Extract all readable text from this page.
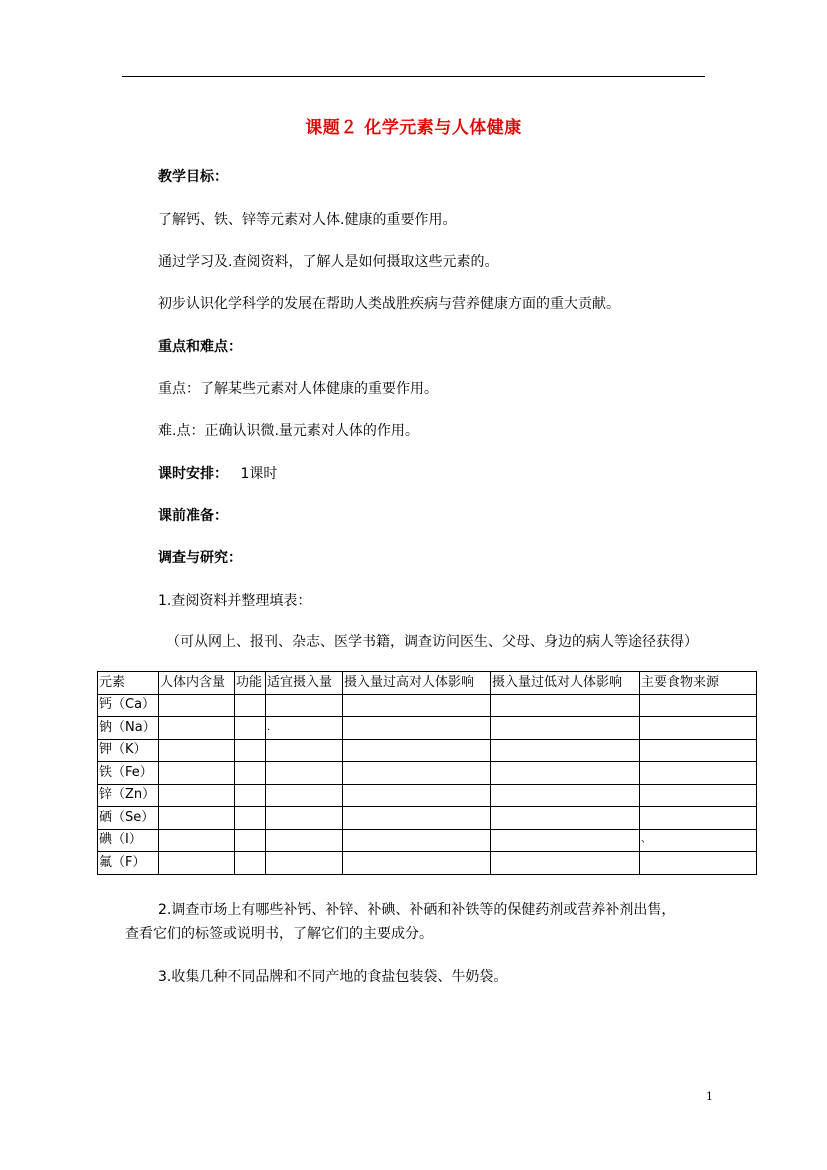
课题２ 化学元素与人体健康
教学目标：
了解钙、铁、锌等元素对人体.健康的重要作用。
通过学习及.查阅资料，了解人是如何摄取这些元素的。
初步认识化学科学的发展在帮助人类战胜疾病与营养健康方面的重大贡献。
重点和难点：
重点：了解某些元素对人体健康的重要作用。
难.点：正确认识微.量元素对人体的作用。
课时安排： 1课时
课前准备：
调查与研究：
1.查阅资料并整理填表：
（可从网上、报刊、杂志、医学书籍，调查访问医生、父母、身边的病人等途径获得）
元素	人体内含量	功能	适宜摄入量	摄入量过高对人体影响	摄入量过低对人体影响	主要食物来源
钙（Ca）						
钠（Na）			.			
钾（K）						
铁（Fe）						
锌（Zn）						
硒（Se）						
碘（I）						、
氟（F）						
2.调查市场上有哪些补钙、补锌、补碘、补硒和补铁等的保健药剂或营养补剂出售，
查看它们的标签或说明书，了解它们的主要成分。
3.收集几种不同品牌和不同产地的食盐包装袋、牛奶袋。
1
